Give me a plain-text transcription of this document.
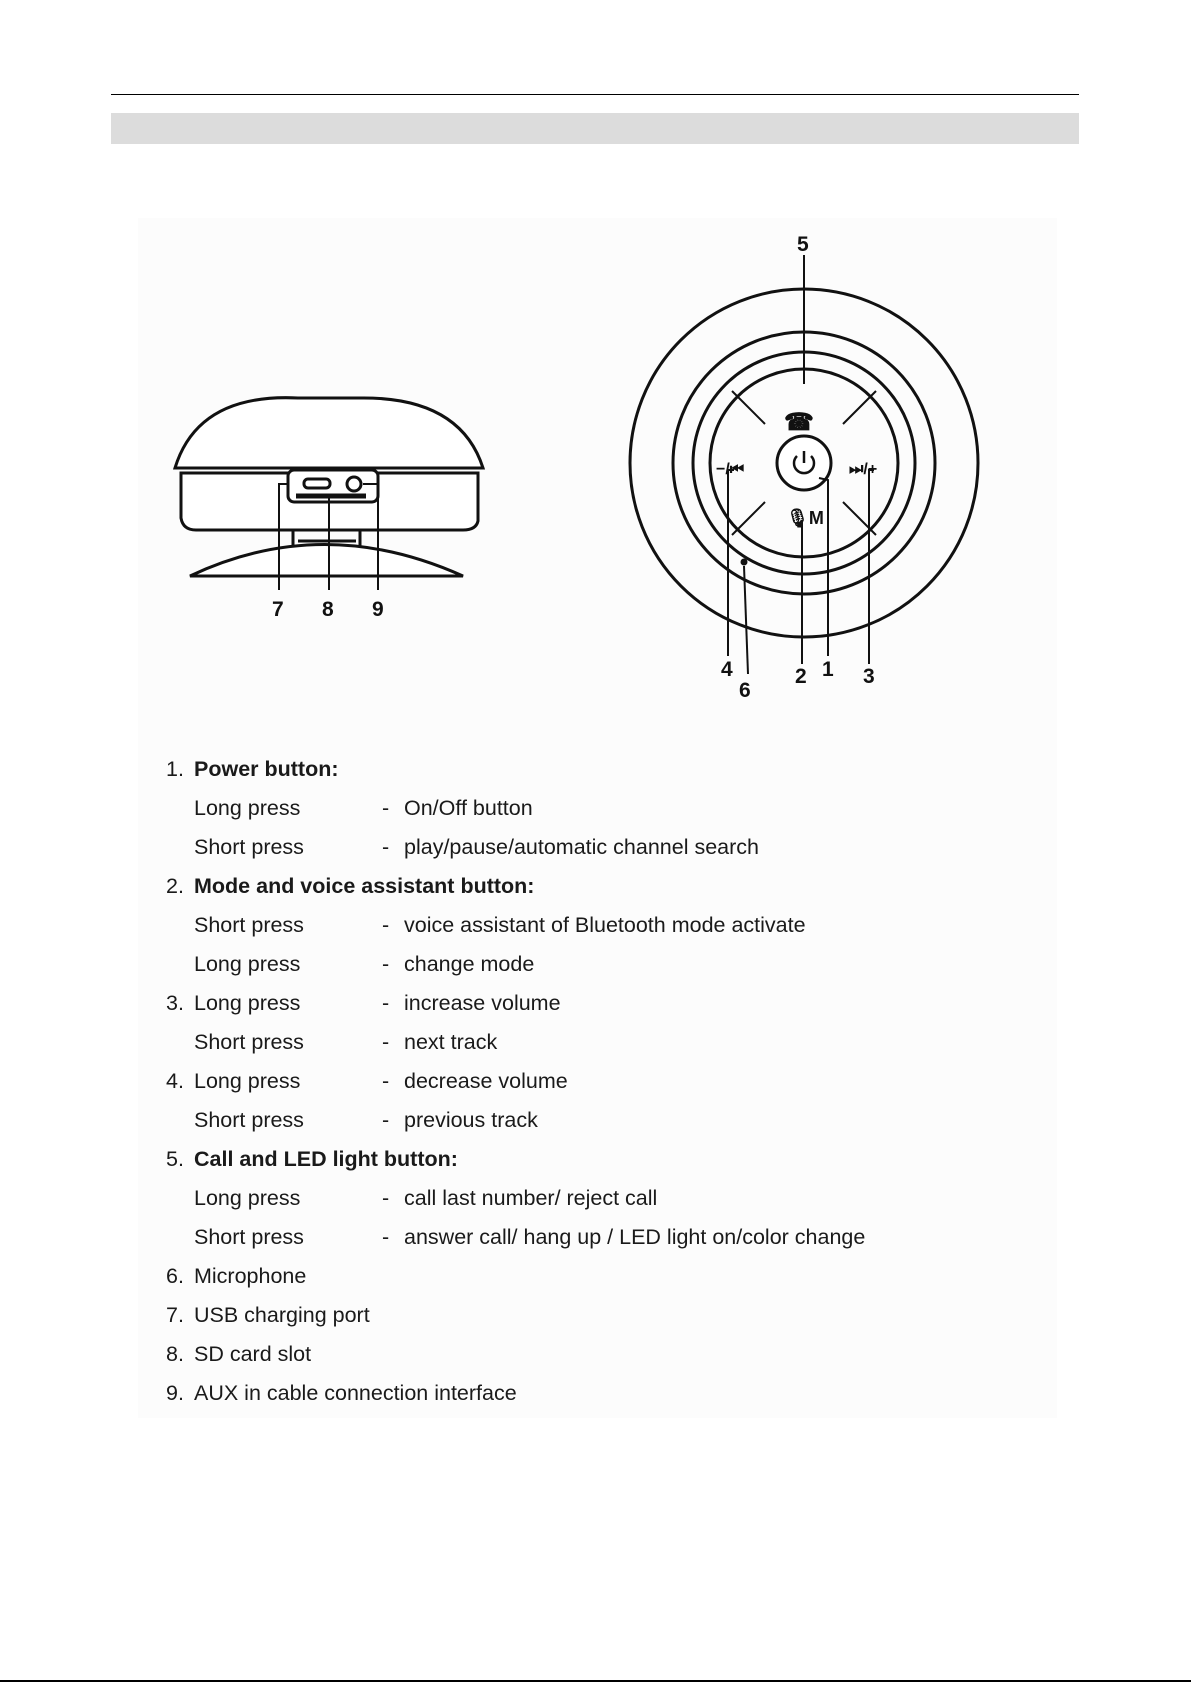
7 8 9
☎
−/⏮	⏭/+
🎙M
5
4
6
2 1 3
1. Power button:
Long press	- On/Off button
Short press	- play/pause/automatic channel search
2. Mode and voice assistant button:
Short press	- voice assistant of Bluetooth mode activate
Long press	- change mode
3. Long press	- increase volume
Short press	- next track
4. Long press	- decrease volume
Short press	- previous track
5. Call and LED light button:
Long press	- call last number/ reject call
Short press	- answer call/ hang up / LED light on/color change
6. Microphone
7. USB charging port
8. SD card slot
9. AUX in cable connection interface
